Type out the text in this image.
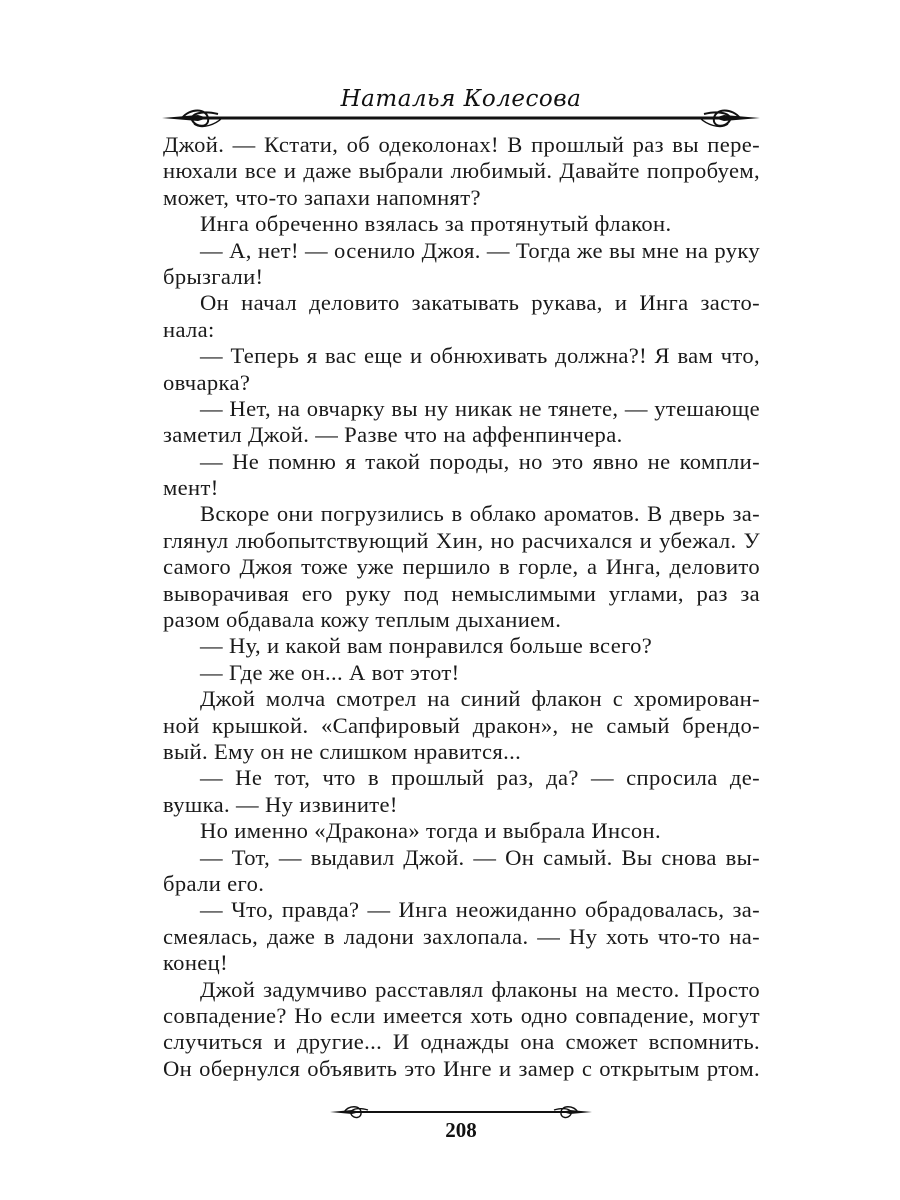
Наталья Колесова
Джой. — Кстати, об одеколонах! В прошлый раз вы пере-
нюхали все и даже выбрали любимый. Давайте попробуем,
может, что-то запахи напомнят?
Инга обреченно взялась за протянутый флакон.
— А, нет! — осенило Джоя. — Тогда же вы мне на руку
брызгали!
Он начал деловито закатывать рукава, и Инга засто-
нала:
— Теперь я вас еще и обнюхивать должна?! Я вам что,
овчарка?
— Нет, на овчарку вы ну никак не тянете, — утешающе
заметил Джой. — Разве что на аффенпинчера.
— Не помню я такой породы, но это явно не компли-
мент!
Вскоре они погрузились в облако ароматов. В дверь за-
глянул любопытствующий Хин, но расчихался и убежал. У
самого Джоя тоже уже першило в горле, а Инга, деловито
выворачивая его руку под немыслимыми углами, раз за
разом обдавала кожу теплым дыханием.
— Ну, и какой вам понравился больше всего?
— Где же он... А вот этот!
Джой молча смотрел на синий флакон с хромирован-
ной крышкой. «Сапфировый дракон», не самый брендо-
вый. Ему он не слишком нравится...
— Не тот, что в прошлый раз, да? — спросила де-
вушка. — Ну извините!
Но именно «Дракона» тогда и выбрала Инсон.
— Тот, — выдавил Джой. — Он самый. Вы снова вы-
брали его.
— Что, правда? — Инга неожиданно обрадовалась, за-
смеялась, даже в ладони захлопала. — Ну хоть что-то на-
конец!
Джой задумчиво расставлял флаконы на место. Просто
совпадение? Но если имеется хоть одно совпадение, могут
случиться и другие... И однажды она сможет вспомнить.
Он обернулся объявить это Инге и замер с открытым ртом.
208
